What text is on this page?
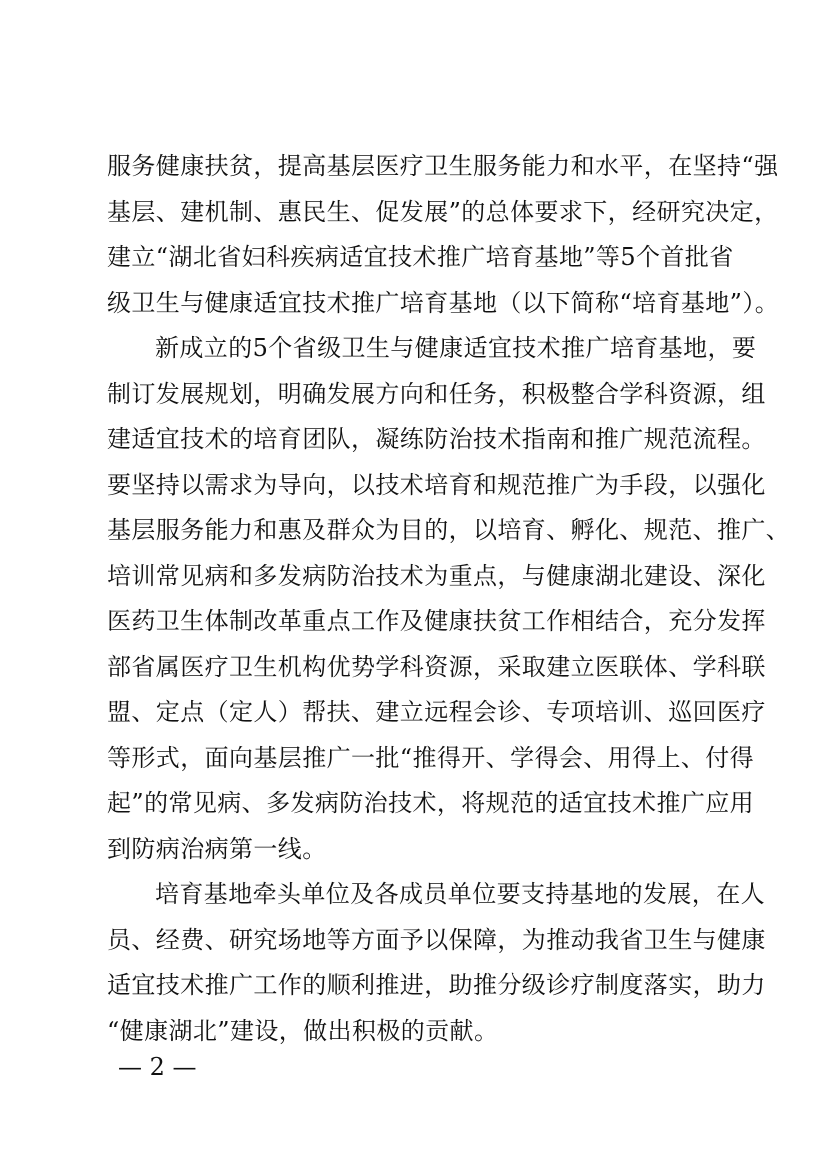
服务健康扶贫，提高基层医疗卫生服务能力和水平，在坚持“强
基层、建机制、惠民生、促发展”的总体要求下，经研究决定，
建立“湖北省妇科疾病适宜技术推广培育基地”等5个首批省
级卫生与健康适宜技术推广培育基地（以下简称“培育基地”）。
新成立的5个省级卫生与健康适宜技术推广培育基地，要
制订发展规划，明确发展方向和任务，积极整合学科资源，组
建适宜技术的培育团队，凝练防治技术指南和推广规范流程。
要坚持以需求为导向，以技术培育和规范推广为手段，以强化
基层服务能力和惠及群众为目的，以培育、孵化、规范、推广、
培训常见病和多发病防治技术为重点，与健康湖北建设、深化
医药卫生体制改革重点工作及健康扶贫工作相结合，充分发挥
部省属医疗卫生机构优势学科资源，采取建立医联体、学科联
盟、定点（定人）帮扶、建立远程会诊、专项培训、巡回医疗
等形式，面向基层推广一批“推得开、学得会、用得上、付得
起”的常见病、多发病防治技术，将规范的适宜技术推广应用
到防病治病第一线。
培育基地牵头单位及各成员单位要支持基地的发展，在人
员、经费、研究场地等方面予以保障，为推动我省卫生与健康
适宜技术推广工作的顺利推进，助推分级诊疗制度落实，助力
“健康湖北”建设，做出积极的贡献。
— 2 —
